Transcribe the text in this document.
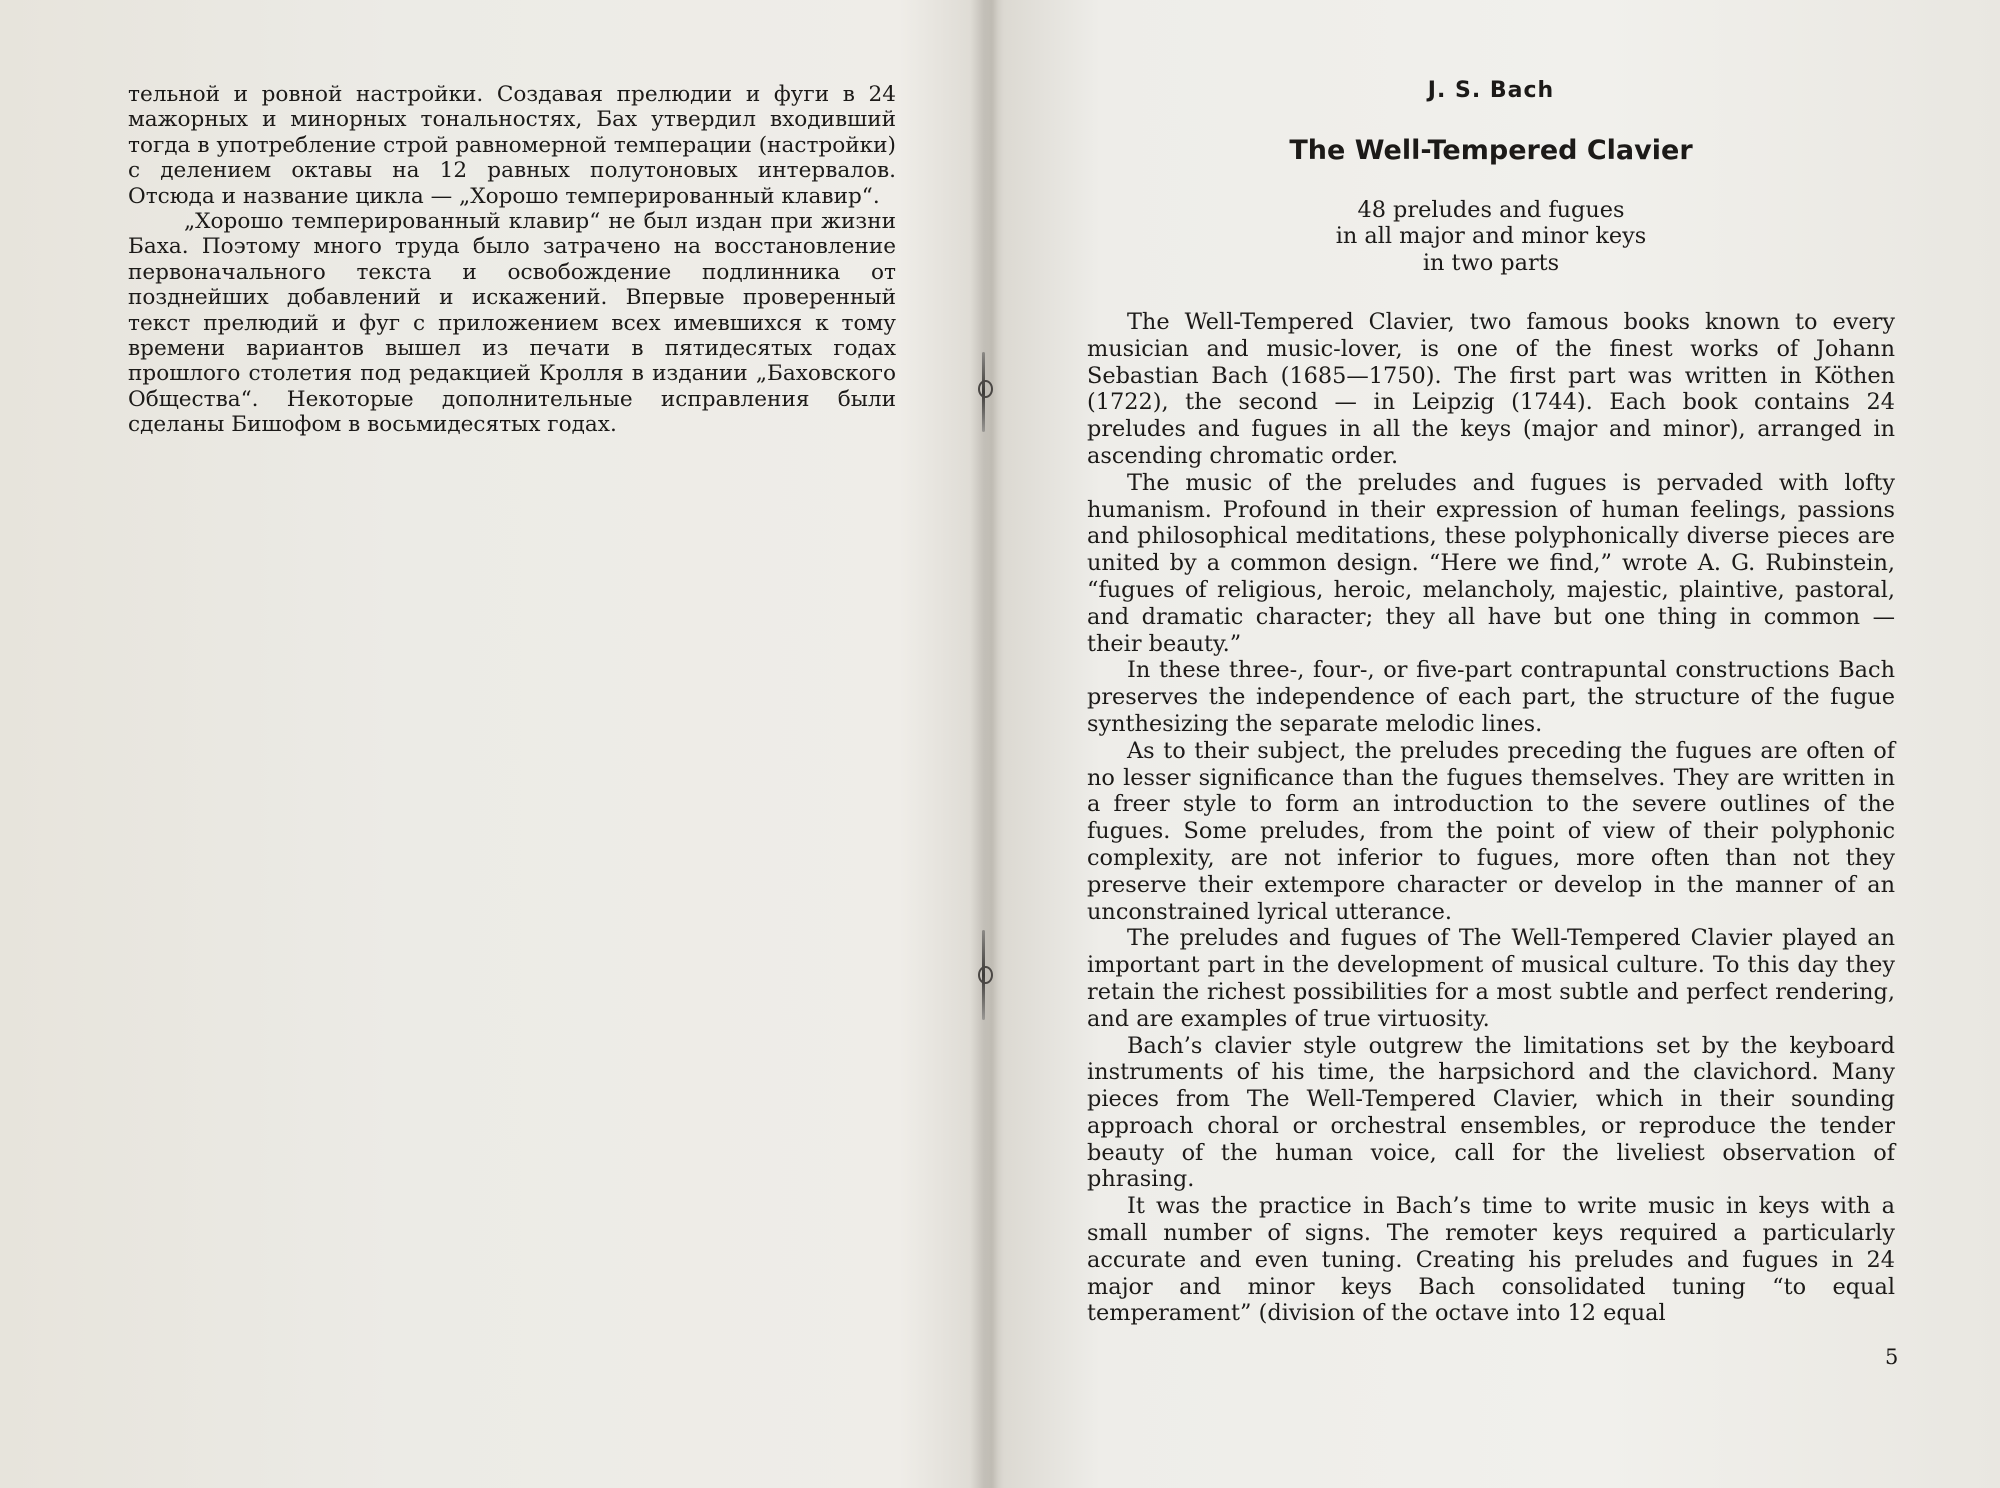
тельной и ровной настройки. Создавая прелюдии и фуги в 24 мажорных и минорных тональностях, Бах утвердил входивший тогда в употребление строй равномерной темперации (настройки) с делением октавы на 12 равных полутоновых интервалов. Отсюда и название цикла — „Хорошо темперированный клавир“.

„Хорошо темперированный клавир“ не был издан при жизни Баха. Поэтому много труда было затрачено на восстановление первоначального текста и освобождение подлинника от позднейших добавлений и искажений. Впервые проверенный текст прелюдий и фуг с приложением всех имевшихся к тому времени вариантов вышел из печати в пятидесятых годах прошлого столетия под редакцией Кролля в издании „Баховского Общества“. Некоторые дополнительные исправления были сделаны Бишофом в восьмидесятых годах.

J. S. Bach
The Well-Tempered Clavier
48 preludes and fugues
in all major and minor keys
in two parts

The Well-Tempered Clavier, two famous books known to every musician and music-lover, is one of the finest works of Johann Sebastian Bach (1685—1750). The first part was written in Köthen (1722), the second — in Leipzig (1744). Each book contains 24 preludes and fugues in all the keys (major and minor), arranged in ascending chromatic order.

The music of the preludes and fugues is pervaded with lofty humanism. Profound in their expression of human feelings, passions and philosophical meditations, these polyphonically diverse pieces are united by a common design. “Here we find,” wrote A. G. Rubinstein, “fugues of religious, heroic, melancholy, majestic, plaintive, pastoral, and dramatic character; they all have but one thing in common — their beauty.”

In these three-, four-, or five-part contrapuntal constructions Bach preserves the independence of each part, the structure of the fugue synthesizing the separate melodic lines.

As to their subject, the preludes preceding the fugues are often of no lesser significance than the fugues themselves. They are written in a freer style to form an introduction to the severe outlines of the fugues. Some preludes, from the point of view of their polyphonic complexity, are not inferior to fugues, more often than not they preserve their extempore character or develop in the manner of an unconstrained lyrical utterance.

The preludes and fugues of The Well-Tempered Clavier played an important part in the development of musical culture. To this day they retain the richest possibilities for a most subtle and perfect rendering, and are examples of true virtuosity.

Bach’s clavier style outgrew the limitations set by the keyboard instruments of his time, the harpsichord and the clavichord. Many pieces from The Well-Tempered Clavier, which in their sounding approach choral or orchestral ensembles, or reproduce the tender beauty of the human voice, call for the liveliest observation of phrasing.

It was the practice in Bach’s time to write music in keys with a small number of signs. The remoter keys required a particularly accurate and even tuning. Creating his preludes and fugues in 24 major and minor keys Bach consolidated tuning “to equal temperament” (division of the octave into 12 equal

5
